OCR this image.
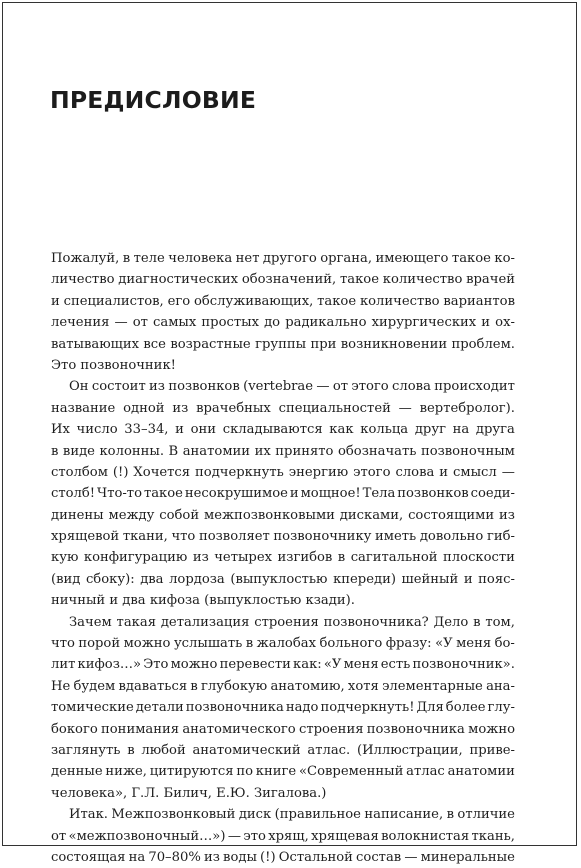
ПРЕДИСЛОВИЕ
Пожалуй, в теле человека нет другого органа, имеющего такое ко-
личество диагностических обозначений, такое количество врачей
и специалистов, его обслуживающих, такое количество вариантов
лечения — от самых простых до радикально хирургических и ох-
ватывающих все возрастные группы при возникновении проблем.
Это позвоночник!
Он состоит из позвонков (vertebrae — от этого слова происходит
название одной из врачебных специальностей — вертебролог).
Их число 33–34, и они складываются как кольца друг на друга
в виде колонны. В анатомии их принято обозначать позвоночным
столбом (!) Хочется подчеркнуть энергию этого слова и смысл —
столб! Что-то такое несокрушимое и мощное! Тела позвонков соеди-
динены между собой межпозвонковыми дисками, состоящими из
хрящевой ткани, что позволяет позвоночнику иметь довольно гиб-
кую конфигурацию из четырех изгибов в сагитальной плоскости
(вид сбоку): два лордоза (выпуклостью кпереди) шейный и пояс-
ничный и два кифоза (выпуклостью кзади).
Зачем такая детализация строения позвоночника? Дело в том,
что порой можно услышать в жалобах больного фразу: «У меня бо-
лит кифоз…» Это можно перевести как: «У меня есть позвоночник».
Не будем вдаваться в глубокую анатомию, хотя элементарные ана-
томические детали позвоночника надо подчеркнуть! Для более глу-
бокого понимания анатомического строения позвоночника можно
заглянуть в любой анатомический атлас. (Иллюстрации, приве-
денные ниже, цитируются по книге «Современный атлас анатомии
человека», Г.Л. Билич, Е.Ю. Зигалова.)
Итак. Межпозвонковый диск (правильное написание, в отличие
от «межпозвоночный…») — это хрящ, хрящевая волокнистая ткань,
состоящая на 70–80% из воды (!) Остальной состав — минеральные
